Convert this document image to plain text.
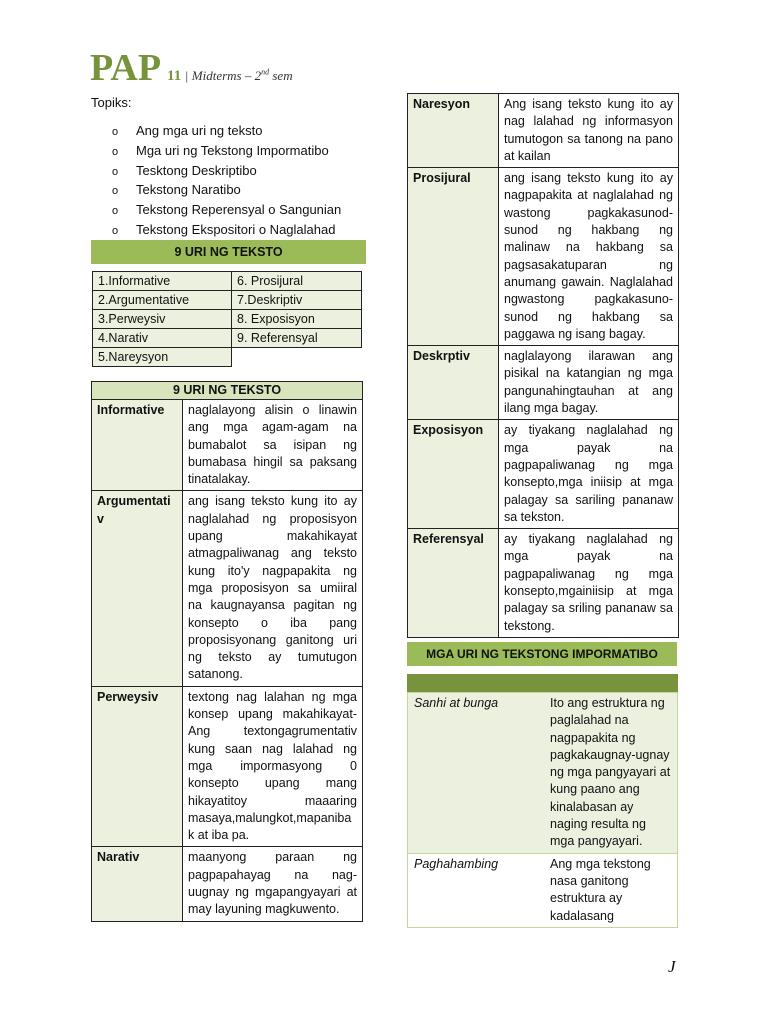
PAP 11 | Midterms – 2nd sem
Topiks:
o Ang mga uri ng teksto
o Mga uri ng Tekstong Impormatibo
o Tesktong Deskriptibo
o Tekstong Naratibo
o Tekstong Reperensyal o Sangunian
o Tekstong Ekspositori o Naglalahad
9 URI NG TEKSTO
1.Informative	6. Prosijural
2.Argumentative	7.Deskriptiv
3.Perweysiv	8. Exposisyon
4.Narativ	9. Referensyal
5.Nareysyon	
9 URI NG TEKSTO
Informative	naglalayong alisin o linawin ang mga agam-agam na bumabalot sa isipan ng bumabasa hingil sa paksang tinatalakay.
Argumentati v	ang isang teksto kung ito ay naglalahad ng proposisyon upang makahikayat atmagpaliwanag ang teksto kung ito'y nagpapakita ng mga proposisyon sa umiiral na kaugnayansa pagitan ng konsepto o iba pang proposisyonang ganitong uri ng teksto ay tumutugon satanong.
Perweysiv	textong nag lalahan ng mga konsep upang makahikayat-Ang textongagrumentativ kung saan nag lalahad ng mga impormasyong 0 konsepto upang mang hikayatitoy maaaring masaya,malungkot,mapaniba k at iba pa.
Narativ	maanyong paraan ng pagpapahayag na nag-uugnay ng mgapangyayari at may layuning magkuwento.
Naresyon	Ang isang teksto kung ito ay nag lalahad ng informasyon tumutogon sa tanong na pano at kailan
Prosijural	ang isang teksto kung ito ay nagpapakita at naglalahad ng wastong pagkakasunod-sunod ng hakbang ng malinaw na hakbang sa pagsasakatuparan ng anumang gawain. Naglalahad ngwastong pagkakasuno-sunod ng hakbang sa paggawa ng isang bagay.
Deskrptiv	naglalayong ilarawan ang pisikal na katangian ng mga pangunahingtauhan at ang ilang mga bagay.
Exposisyon	ay tiyakang naglalahad ng mga payak na pagpapaliwanag ng mga konsepto,mga iniisip at mga palagay sa sariling pananaw sa tekston.
Referensyal	ay tiyakang naglalahad ng mga payak na pagpapaliwanag ng mga konsepto,mgainiisip at mga palagay sa sriling pananaw sa tekstong.
MGA URI NG TEKSTONG IMPORMATIBO
Sanhi at bunga	Ito ang estruktura ng paglalahad na nagpapakita ng pagkakaugnay-ugnay ng mga pangyayari at kung paano ang kinalabasan ay naging resulta ng mga pangyayari.
Paghahambing	Ang mga tekstong nasa ganitong estruktura ay kadalasang
J
